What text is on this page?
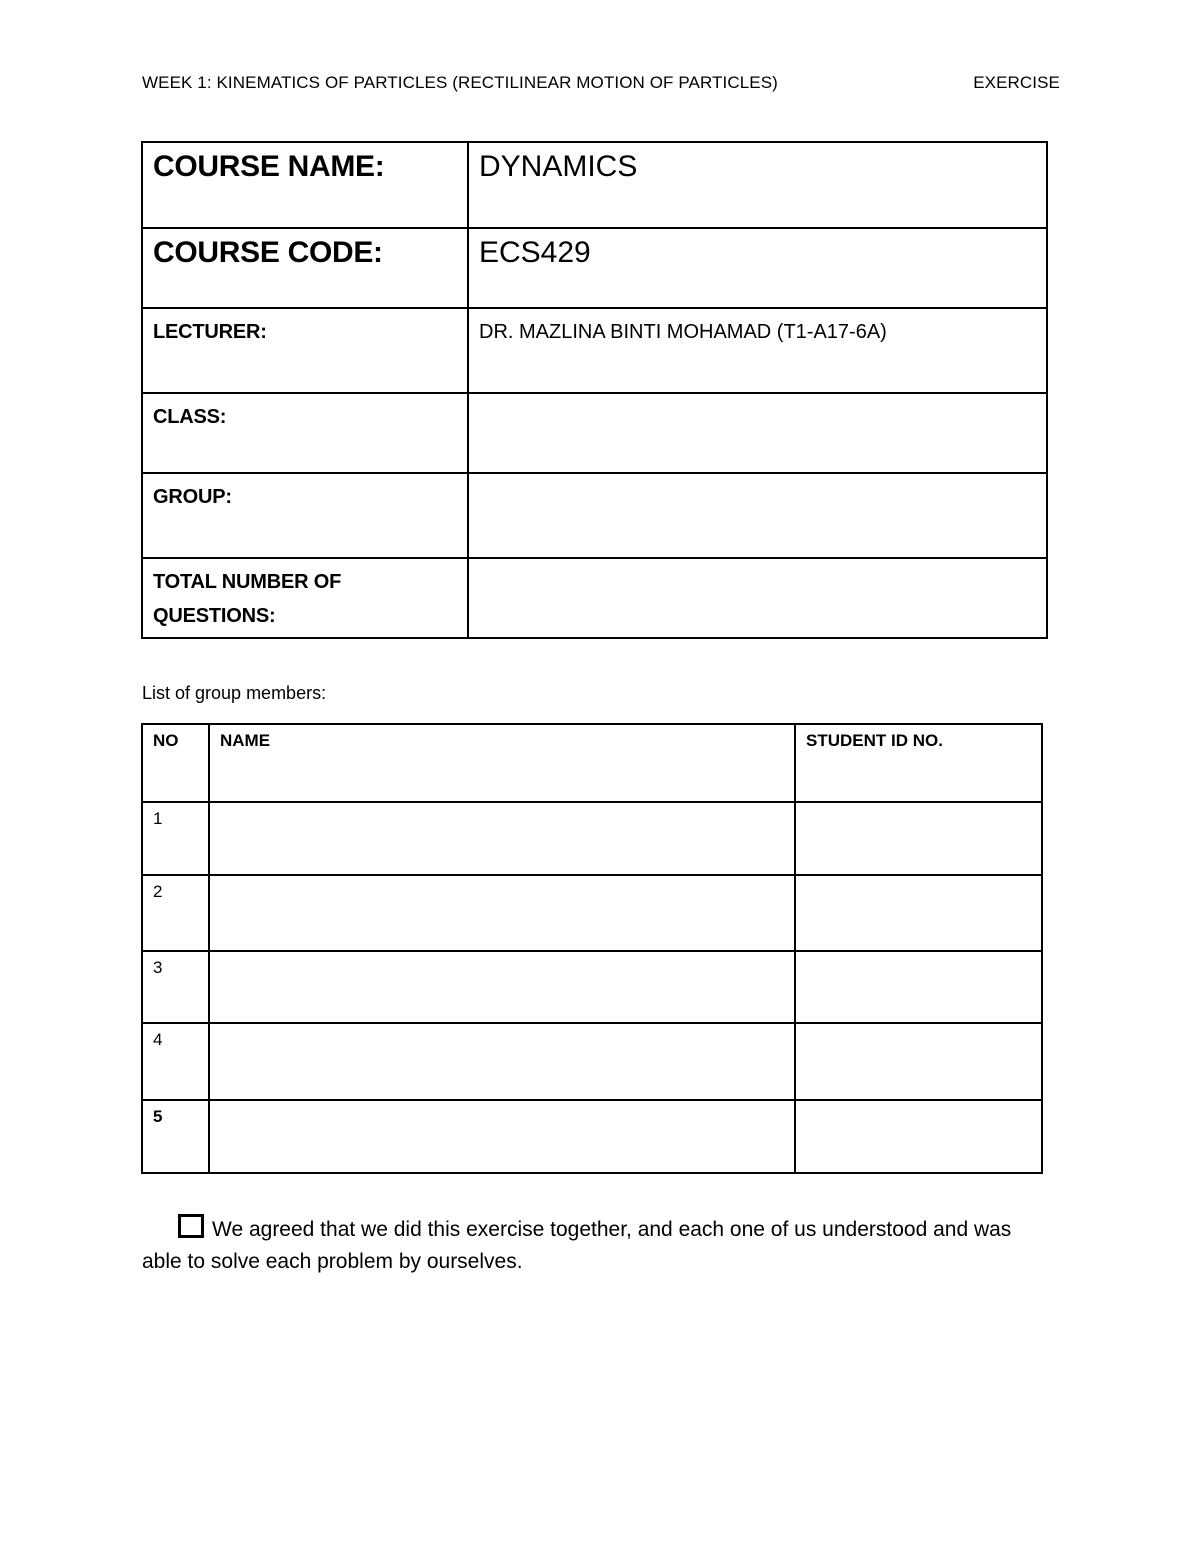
WEEK 1: KINEMATICS OF PARTICLES (RECTILINEAR MOTION OF PARTICLES)	EXERCISE
COURSE NAME:	DYNAMICS
COURSE CODE:	ECS429
LECTURER:	DR. MAZLINA BINTI MOHAMAD (T1-A17-6A)
CLASS:	
GROUP:	

TOTAL NUMBER OF
QUESTIONS:	

List of group members:
NO	NAME	STUDENT ID NO.
1		
2		
3		
4		
5		
We agreed that we did this exercise together, and each one of us understood and was
able to solve each problem by ourselves.
